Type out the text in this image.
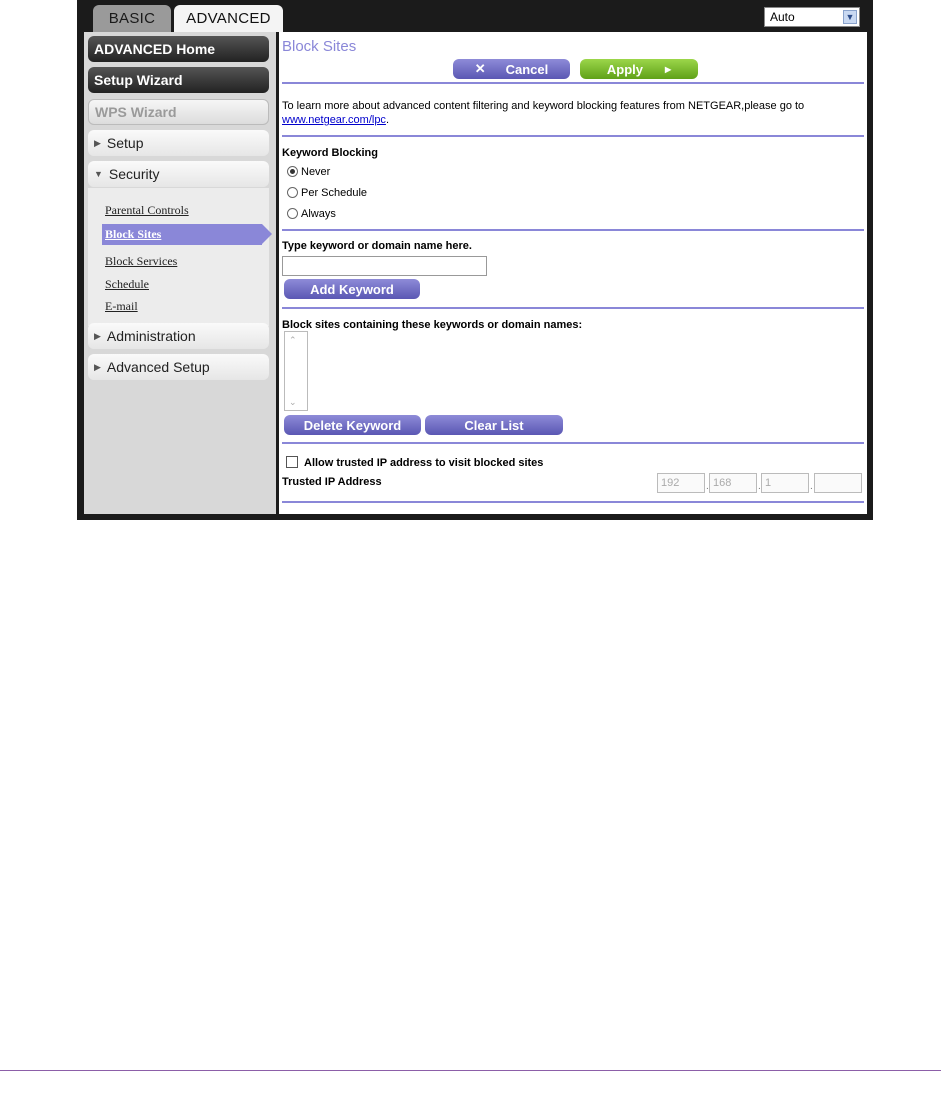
BASIC	ADVANCED	Auto	▼
ADVANCED Home
Setup Wizard
WPS Wizard
▶ Setup
▼ Security
Parental Controls
Block Sites
Block Services
Schedule
E-mail
▶ Administration
▶ Advanced Setup
Block Sites
✕ Cancel	Apply	▶
To learn more about advanced content filtering and keyword blocking features from NETGEAR,please go to
www.netgear.com/lpc.
Keyword Blocking
Never
Per Schedule
Always
Type keyword or domain name here.
Add Keyword
Block sites containing these keywords or domain names:
⌃
⌄
Delete Keyword	Clear List
Allow trusted IP address to visit blocked sites
Trusted IP Address	192	. 168	. 1	.
